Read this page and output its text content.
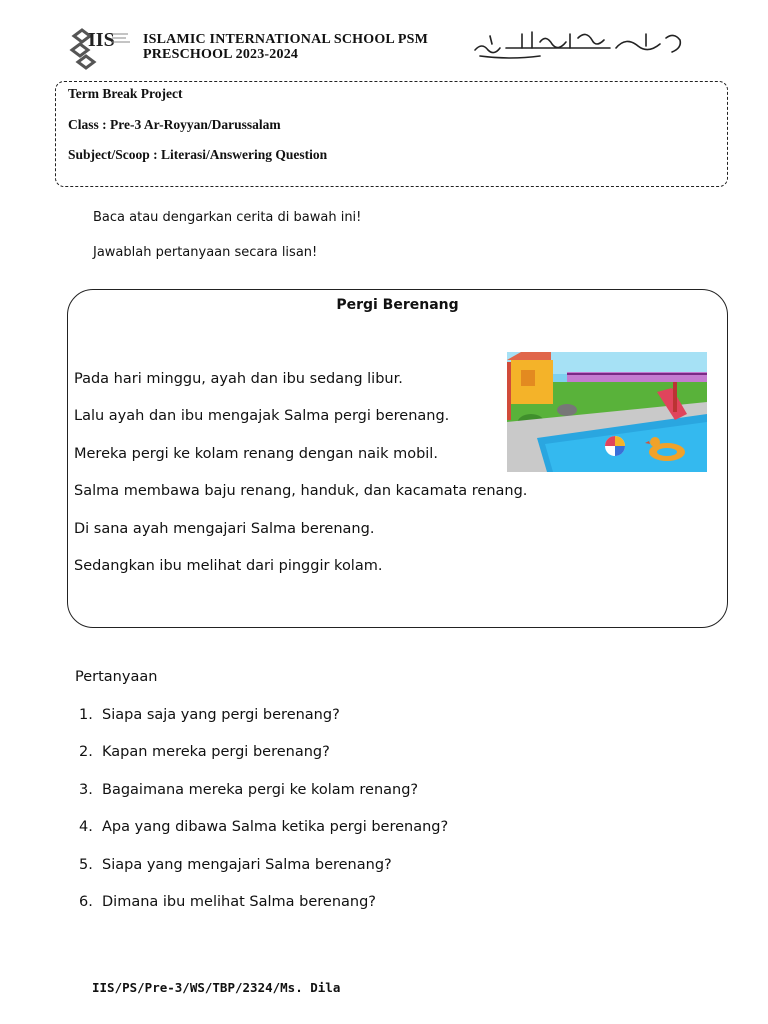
IIS ISLAMIC INTERNATIONAL SCHOOL PSM
PRESCHOOL 2023-2024
Term Break Project
Class : Pre-3 Ar-Royyan/Darussalam
Subject/Scoop : Literasi/Answering Question
Baca atau dengarkan cerita di bawah ini!
Jawablah pertanyaan secara lisan!
Pergi Berenang
Pada hari minggu, ayah dan ibu sedang libur.
Lalu ayah dan ibu mengajak Salma pergi berenang.
Mereka pergi ke kolam renang dengan naik mobil.
Salma membawa baju renang, handuk, dan kacamata renang.
Di sana ayah mengajari Salma berenang.
Sedangkan ibu melihat dari pinggir kolam.
Pertanyaan
1. Siapa saja yang pergi berenang?
2. Kapan mereka pergi berenang?
3. Bagaimana mereka pergi ke kolam renang?
4. Apa yang dibawa Salma ketika pergi berenang?
5. Siapa yang mengajari Salma berenang?
6. Dimana ibu melihat Salma berenang?
IIS/PS/Pre-3/WS/TBP/2324/Ms. Dila
